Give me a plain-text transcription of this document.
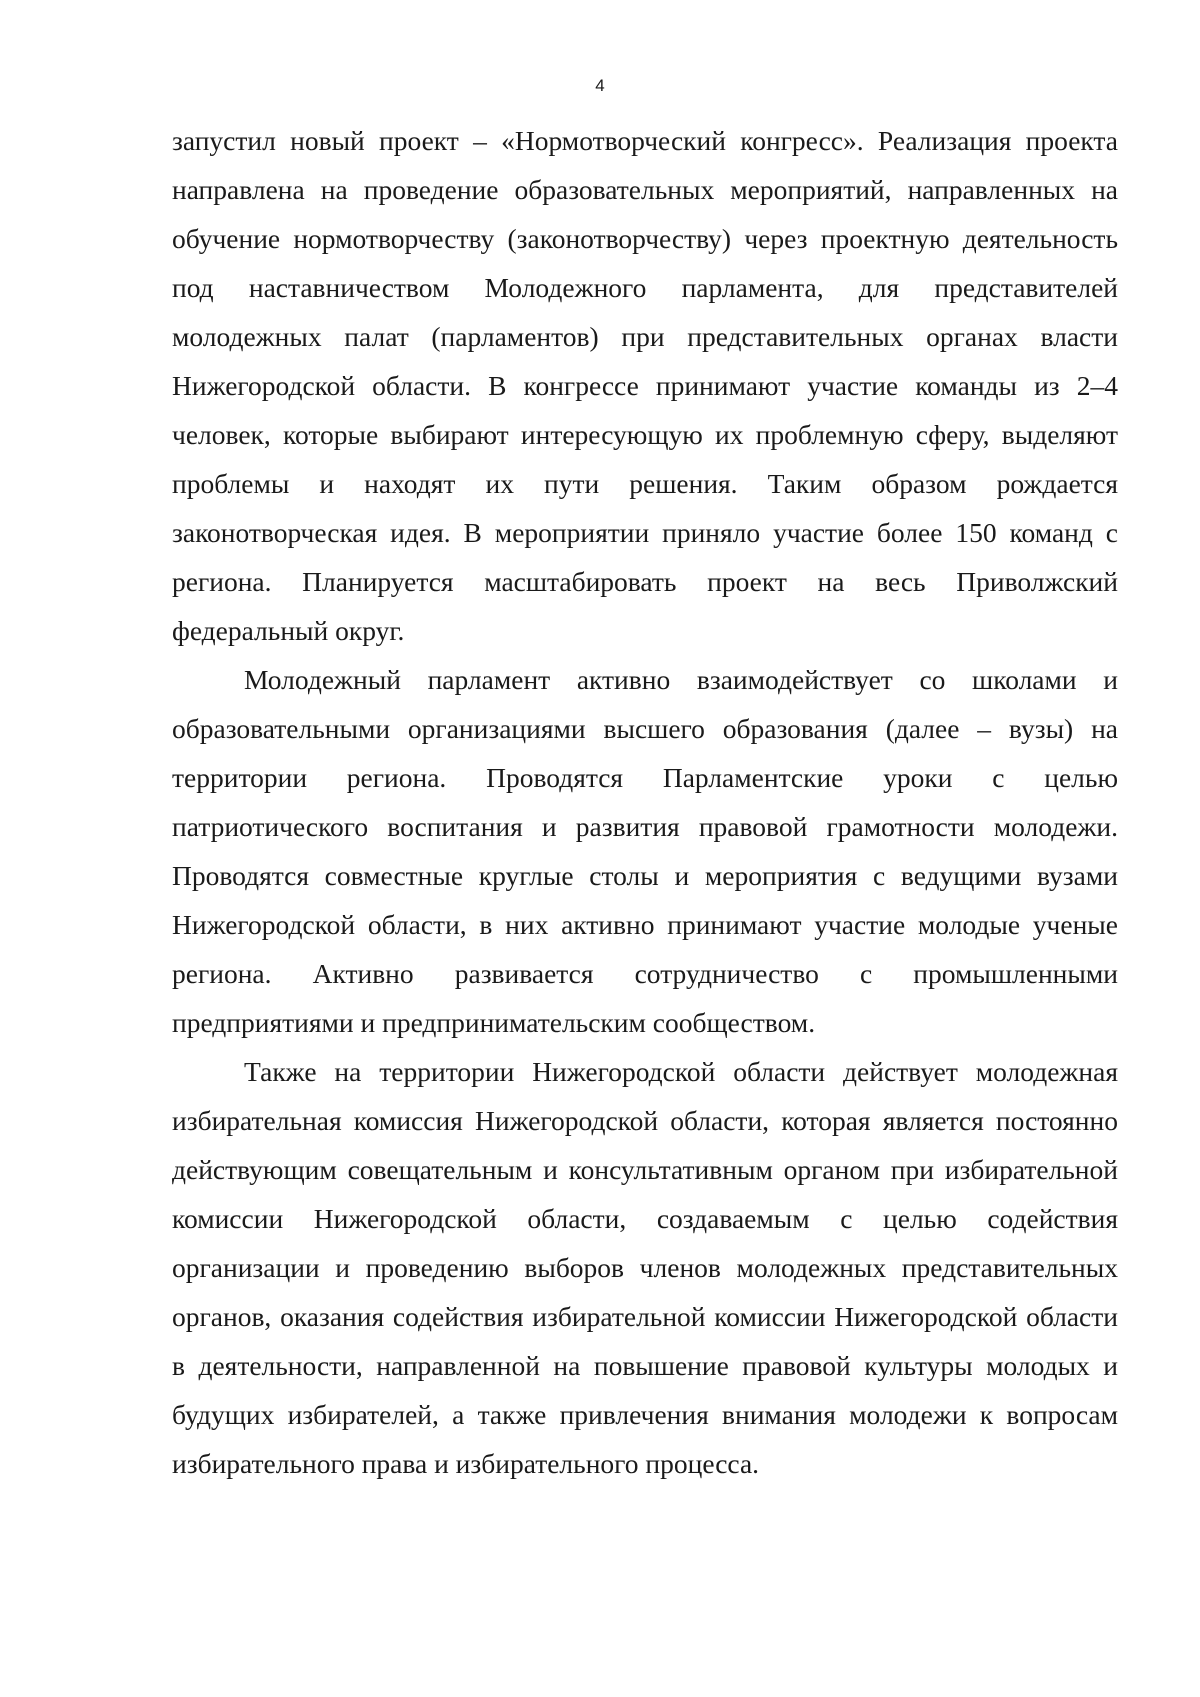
4

запустил новый проект – «Нормотворческий конгресс». Реализация проекта направлена на проведение образовательных мероприятий, направленных на обучение нормотворчеству (законотворчеству) через проектную деятельность под наставничеством Молодежного парламента, для представителей молодежных палат (парламентов) при представительных органах власти Нижегородской области. В конгрессе принимают участие команды из 2–4 человек, которые выбирают интересующую их проблемную сферу, выделяют проблемы и находят их пути решения. Таким образом рождается законотворческая идея. В мероприятии приняло участие более 150 команд с региона. Планируется масштабировать проект на весь Приволжский федеральный округ.

Молодежный парламент активно взаимодействует со школами и образовательными организациями высшего образования (далее – вузы) на территории региона. Проводятся Парламентские уроки с целью патриотического воспитания и развития правовой грамотности молодежи. Проводятся совместные круглые столы и мероприятия с ведущими вузами Нижегородской области, в них активно принимают участие молодые ученые региона. Активно развивается сотрудничество с промышленными предприятиями и предпринимательским сообществом.

Также на территории Нижегородской области действует молодежная избирательная комиссия Нижегородской области, которая является постоянно действующим совещательным и консультативным органом при избирательной комиссии Нижегородской области, создаваемым с целью содействия организации и проведению выборов членов молодежных представительных органов, оказания содействия избирательной комиссии Нижегородской области в деятельности, направленной на повышение правовой культуры молодых и будущих избирателей, а также привлечения внимания молодежи к вопросам избирательного права и избирательного процесса.
